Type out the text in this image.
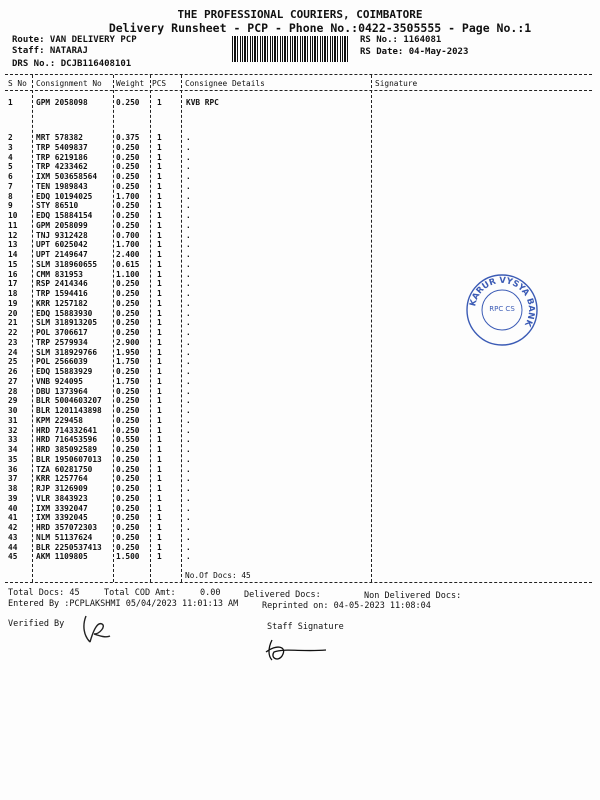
THE PROFESSIONAL COURIERS, COIMBATORE
Delivery Runsheet - PCP - Phone No.:0422-3505555 - Page No.:1
Route: VAN DELIVERY PCP
Staff: NATARAJ
DRS No.: DCJB116408101
RS No.: 1164081
RS Date: 04-May-2023
S No Consignment No Weight PCS Consignee Details	Signature
1	GPM 2058098	0.250 1	KVB RPC
2	MRT 578382	0.375 1	.
3	TRP 5409837	0.250 1	.
4	TRP 6219186	0.250 1	.
5	TRP 4233462	0.250 1	.
6	IXM 503658564 0.250 1	.
7	TEN 1989843	0.250 1	.
8	EDQ 10194025	1.700 1	.
9	STY 86510	0.250 1	.
10 EDQ 15884154	0.250 1	.
11 GPM 2058099	0.250 1	.
12 TNJ 9312428	0.700 1	.
13 UPT 6025042	1.700 1	.
14 UPT 2149647	2.400 1	.
15 SLM 318960655 0.615 1	.
16 CMM 831953	1.100 1	.
17 RSP 2414346	0.250 1	.
18 TRP 1594416	0.250 1	.
19 KRR 1257182	0.250 1	.
20 EDQ 15883930	0.250 1	.
21 SLM 318913205 0.250 1	.
22 POL 3706617	0.250 1	.
23 TRP 2579934	2.900 1	.
24 SLM 318929766 1.950 1	.
25 POL 2566039	1.750 1	.
26 EDQ 15883929	0.250 1	.
27 VNB 924095	1.750 1	.
28 DBU 1373964	0.250 1	.
29 BLR 5004603207 0.250 1	.
30 BLR 1201143898 0.250 1	.
31 KPM 229458	0.250 1	.
32 HRD 714332641 0.250 1	.
33 HRD 716453596 0.550 1	.
34 HRD 385092589 0.250 1	.
35 BLR 1950607013 0.250 1	.
36 TZA 60281750	0.250 1	.
37 KRR 1257764	0.250 1	.
38 RJP 3126909	0.250 1	.
39 VLR 3843923	0.250 1	.
40 IXM 3392047	0.250 1	.
41 IXM 3392045	0.250 1	.
42 HRD 357072303 0.250 1	.
43 NLM 51137624	0.250 1	.
44 BLR 2250537413 0.250 1	.
45 AKM 1109805	1.500 1	.
No.Of Docs: 45
KARUR VYSYA BANK
RPC CS
Total Docs: 45	Total COD Amt:	0.00	Delivered Docs:	Non Delivered Docs:
Entered By :PCPLAKSHMI 05/04/2023 11:01:13 AM	Reprinted on: 04-05-2023 11:08:04
Verified By	Staff Signature
